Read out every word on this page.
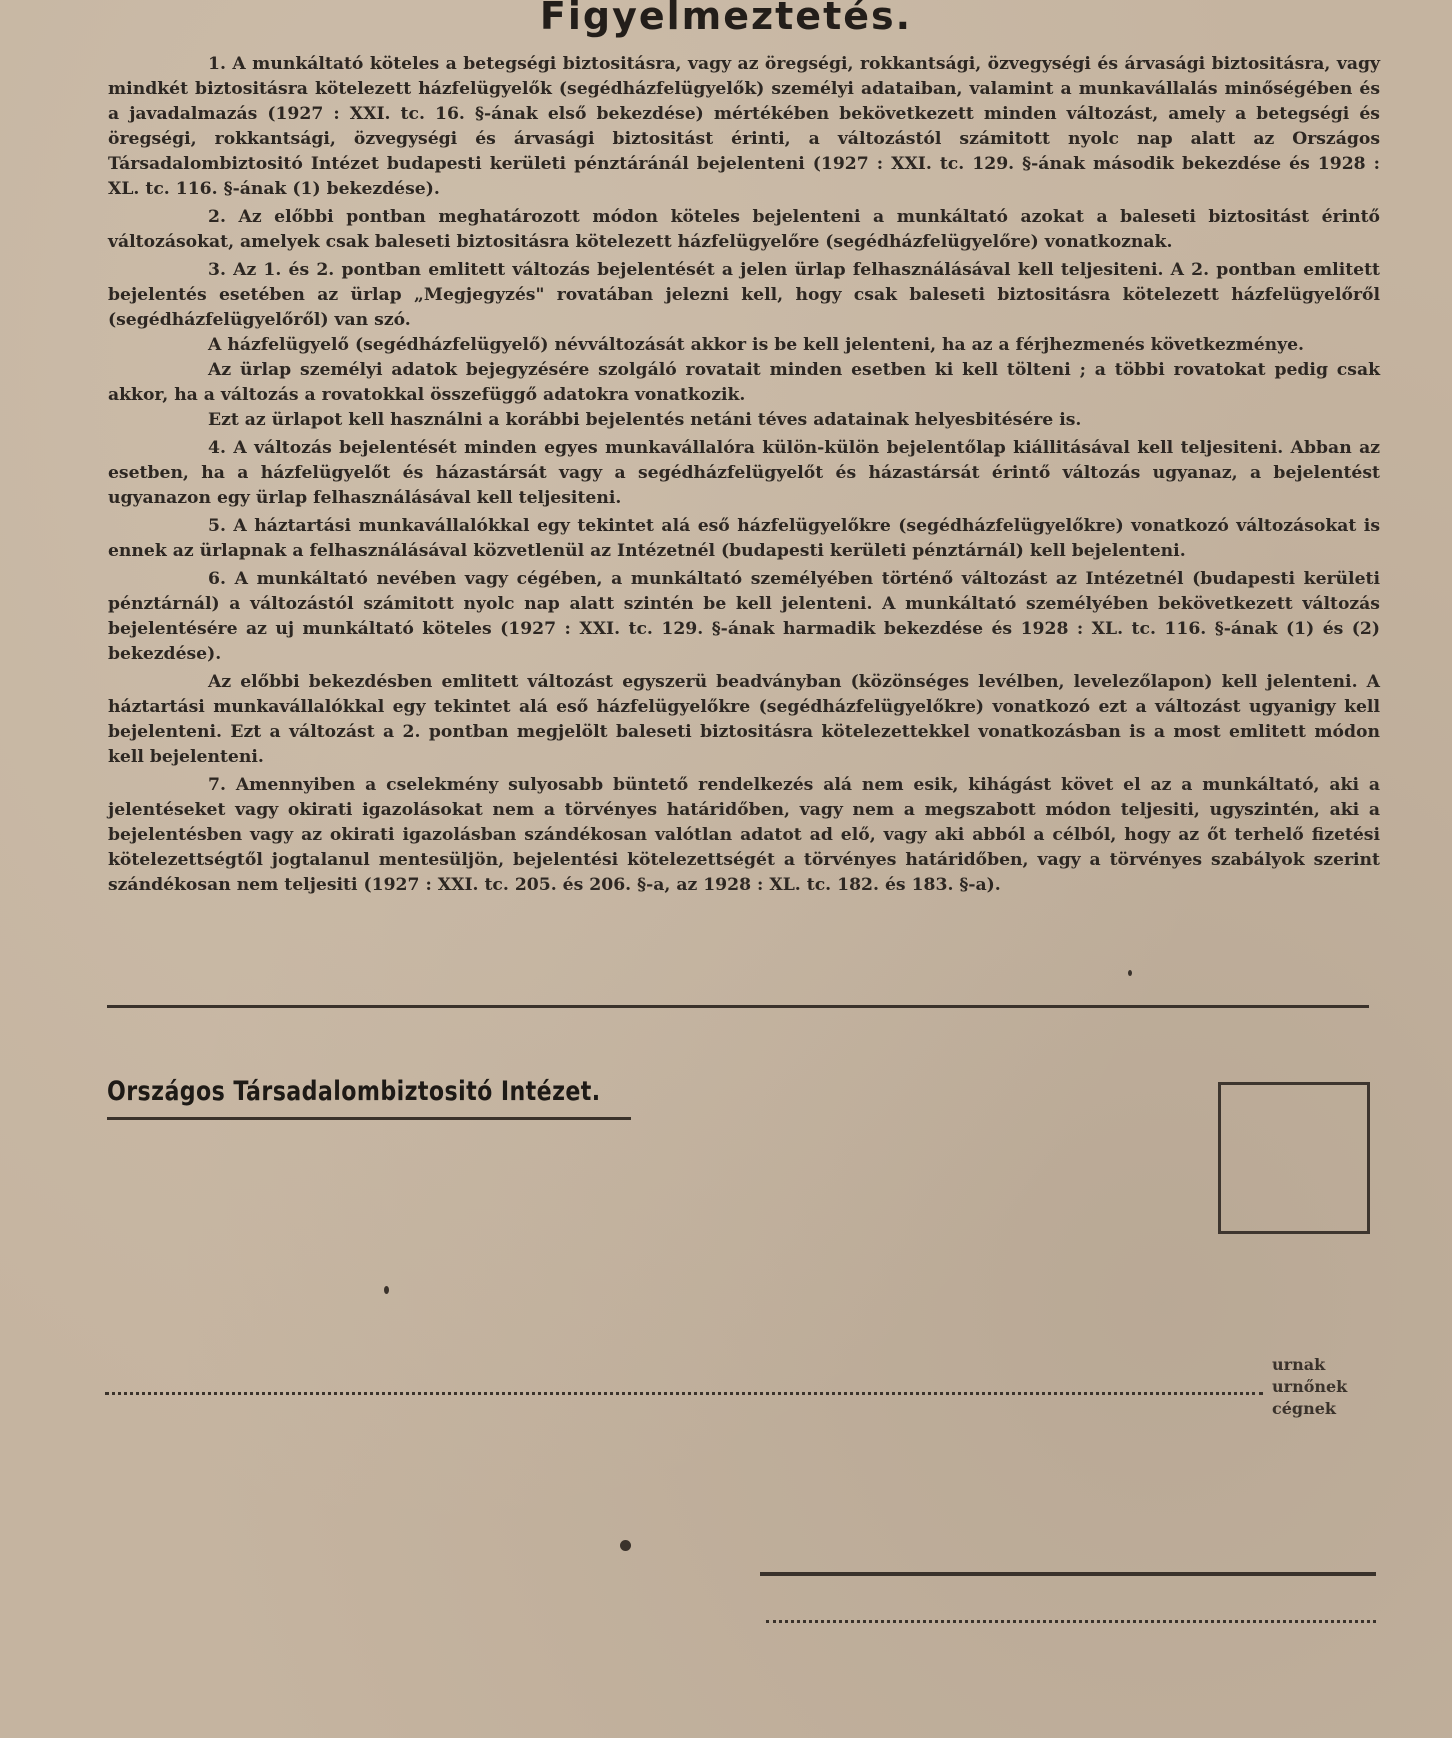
Figyelmeztetés.

1. A munkáltató köteles a betegségi biztositásra, vagy az öregségi, rokkantsági, özvegységi és árvasági biztositásra, vagy mindkét biztositásra kötelezett házfelügyelők (segédházfelügyelők) személyi adataiban, valamint a munkavállalás minőségében és a javadalmazás (1927 : XXI. tc. 16. §-ának első bekezdése) mértékében bekövetkezett minden változást, amely a betegségi és öregségi, rokkantsági, özvegységi és árvasági biztositást érinti, a változástól számitott nyolc nap alatt az Országos Társadalombiztositó Intézet budapesti kerületi pénztáránál bejelenteni (1927 : XXI. tc. 129. §-ának második bekezdése és 1928 : XL. tc. 116. §-ának (1) bekezdése).

2. Az előbbi pontban meghatározott módon köteles bejelenteni a munkáltató azokat a baleseti biztositást érintő változásokat, amelyek csak baleseti biztositásra kötelezett házfelügyelőre (segédházfelügyelőre) vonatkoznak.

3. Az 1. és 2. pontban emlitett változás bejelentését a jelen ürlap felhasználásával kell teljesiteni. A 2. pontban emlitett bejelentés esetében az ürlap „Megjegyzés" rovatában jelezni kell, hogy csak baleseti biztositásra kötelezett házfelügyelőről (segédházfelügyelőről) van szó.

A házfelügyelő (segédházfelügyelő) névváltozását akkor is be kell jelenteni, ha az a férjhezmenés következménye.

Az ürlap személyi adatok bejegyzésére szolgáló rovatait minden esetben ki kell tölteni ; a többi rovatokat pedig csak akkor, ha a változás a rovatokkal összefüggő adatokra vonatkozik.

Ezt az ürlapot kell használni a korábbi bejelentés netáni téves adatainak helyesbitésére is.

4. A változás bejelentését minden egyes munkavállalóra külön-külön bejelentőlap kiállitásával kell teljesiteni. Abban az esetben, ha a házfelügyelőt és házastársát vagy a segédházfelügyelőt és házastársát érintő változás ugyanaz, a bejelentést ugyanazon egy ürlap felhasználásával kell teljesiteni.

5. A háztartási munkavállalókkal egy tekintet alá eső házfelügyelőkre (segédházfelügyelőkre) vonatkozó változásokat is ennek az ürlapnak a felhasználásával közvetlenül az Intézetnél (budapesti kerületi pénztárnál) kell bejelenteni.

6. A munkáltató nevében vagy cégében, a munkáltató személyében történő változást az Intézetnél (budapesti kerületi pénztárnál) a változástól számitott nyolc nap alatt szintén be kell jelenteni. A munkáltató személyében bekövetkezett változás bejelentésére az uj munkáltató köteles (1927 : XXI. tc. 129. §-ának harmadik bekezdése és 1928 : XL. tc. 116. §-ának (1) és (2) bekezdése).

Az előbbi bekezdésben emlitett változást egyszerü beadványban (közönséges levélben, levelezőlapon) kell jelenteni. A háztartási munkavállalókkal egy tekintet alá eső házfelügyelőkre (segédházfelügyelőkre) vonatkozó ezt a változást ugyanigy kell bejelenteni. Ezt a változást a 2. pontban megjelölt baleseti biztositásra kötelezettekkel vonatkozásban is a most emlitett módon kell bejelenteni.

7. Amennyiben a cselekmény sulyosabb büntető rendelkezés alá nem esik, kihágást követ el az a munkáltató, aki a jelentéseket vagy okirati igazolásokat nem a törvényes határidőben, vagy nem a megszabott módon teljesiti, ugyszintén, aki a bejelentésben vagy az okirati igazolásban szándékosan valótlan adatot ad elő, vagy aki abból a célból, hogy az őt terhelő fizetési kötelezettségtől jogtalanul mentesüljön, bejelentési kötelezettségét a törvényes határidőben, vagy a törvényes szabályok szerint szándékosan nem teljesiti (1927 : XXI. tc. 205. és 206. §-a, az 1928 : XL. tc. 182. és 183. §-a).

Országos Társadalombiztositó Intézet.
urnak
urnőnek
cégnek
